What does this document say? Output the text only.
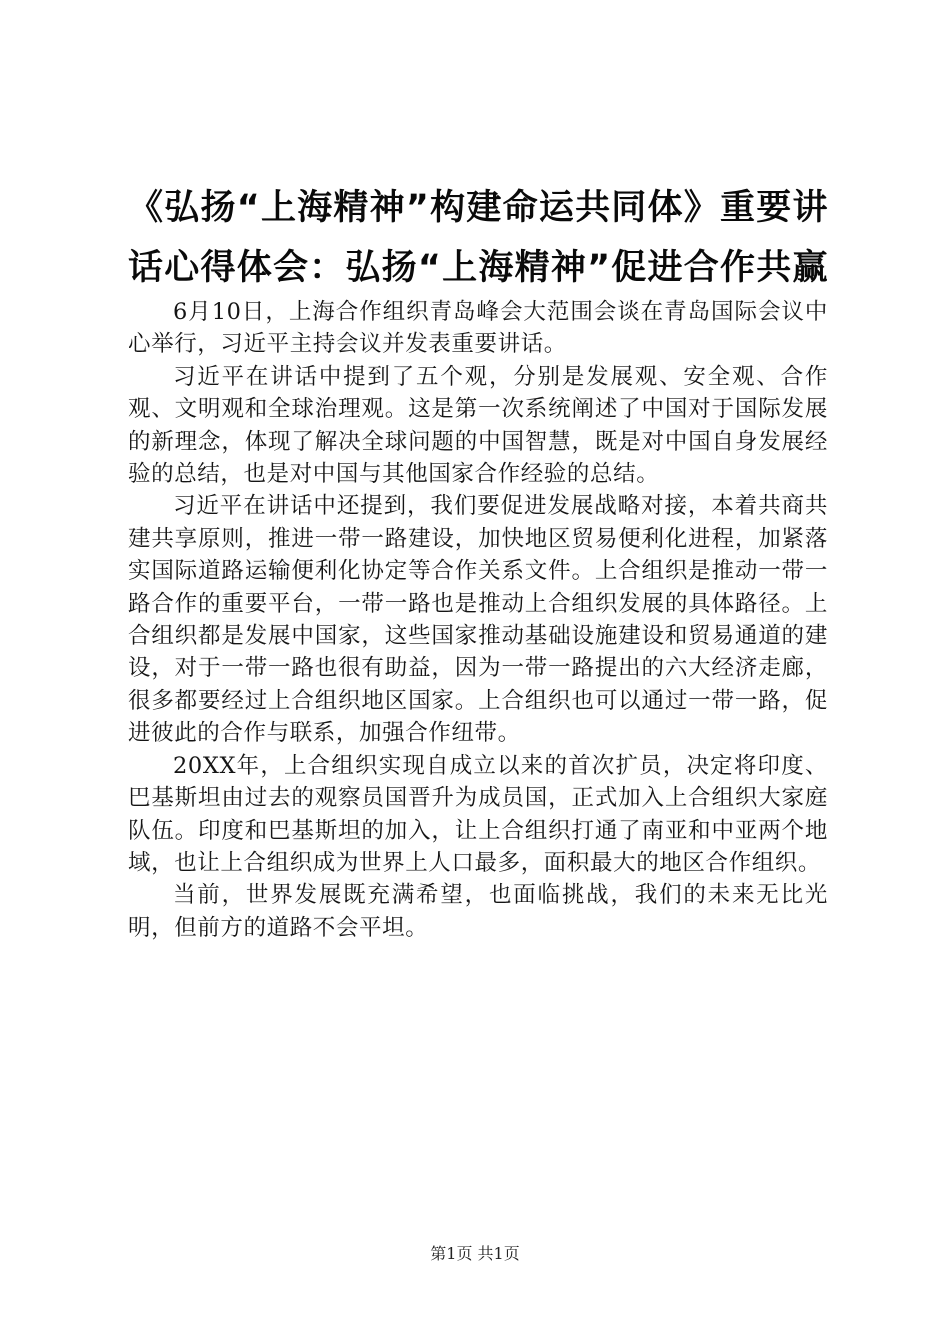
《弘扬“上海精神”构建命运共同体》重要讲话心得体会：弘扬“上海精神”促进合作共赢

6月10日，上海合作组织青岛峰会大范围会谈在青岛国际会议中心举行，习近平主持会议并发表重要讲话。

习近平在讲话中提到了五个观，分别是发展观、安全观、合作观、文明观和全球治理观。这是第一次系统阐述了中国对于国际发展的新理念，体现了解决全球问题的中国智慧，既是对中国自身发展经验的总结，也是对中国与其他国家合作经验的总结。

习近平在讲话中还提到，我们要促进发展战略对接，本着共商共建共享原则，推进一带一路建设，加快地区贸易便利化进程，加紧落实国际道路运输便利化协定等合作关系文件。上合组织是推动一带一路合作的重要平台，一带一路也是推动上合组织发展的具体路径。上合组织都是发展中国家，这些国家推动基础设施建设和贸易通道的建设，对于一带一路也很有助益，因为一带一路提出的六大经济走廊，很多都要经过上合组织地区国家。上合组织也可以通过一带一路，促进彼此的合作与联系，加强合作纽带。

20XX年，上合组织实现自成立以来的首次扩员，决定将印度、巴基斯坦由过去的观察员国晋升为成员国，正式加入上合组织大家庭队伍。印度和巴基斯坦的加入，让上合组织打通了南亚和中亚两个地域，也让上合组织成为世界上人口最多，面积最大的地区合作组织。

当前，世界发展既充满希望，也面临挑战，我们的未来无比光明，但前方的道路不会平坦。

第1页 共1页
